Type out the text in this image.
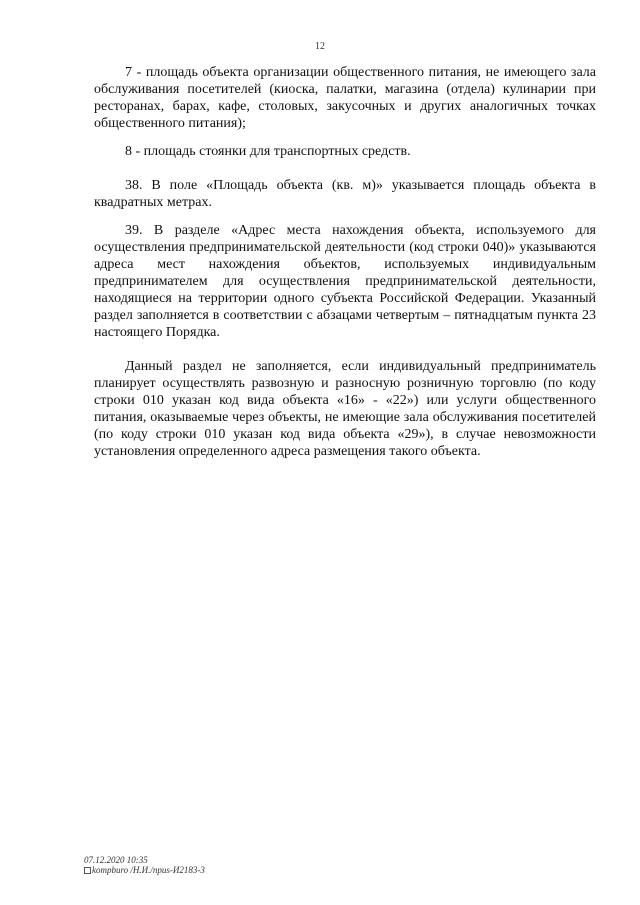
12

7 - площадь объекта организации общественного питания, не имеющего зала обслуживания посетителей (киоска, палатки, магазина (отдела) кулинарии при ресторанах, барах, кафе, столовых, закусочных и других аналогичных точках общественного питания);

8 - площадь стоянки для транспортных средств.

38. В поле «Площадь объекта (кв. м)» указывается площадь объекта в квадратных метрах.

39. В разделе «Адрес места нахождения объекта, используемого для осуществления предпринимательской деятельности (код строки 040)» указываются адреса мест нахождения объектов, используемых индивидуальным предпринимателем для осуществления предпринимательской деятельности, находящиеся на территории одного субъекта Российской Федерации. Указанный раздел заполняется в соответствии с абзацами четвертым – пятнадцатым пункта 23 настоящего Порядка.

Данный раздел не заполняется, если индивидуальный предприниматель планирует осуществлять развозную и разносную розничную торговлю (по коду строки 010 указан код вида объекта «16» - «22») или услуги общественного питания, оказываемые через объекты, не имеющие зала обслуживания посетителей (по коду строки 010 указан код вида объекта «29»), в случае невозможности установления определенного адреса размещения такого объекта.

07.12.2020 10:35
kompburo /Н.И./npus-И2183-3
